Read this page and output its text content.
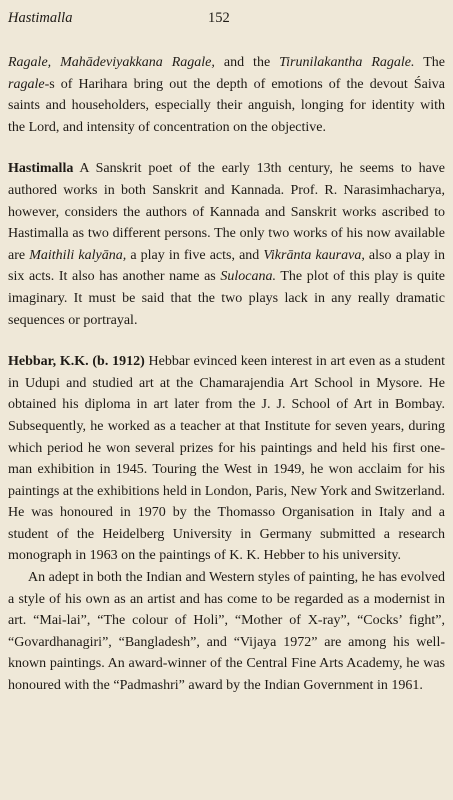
Hastimalla	152

Ragale, Mahādeviyakkana Ragale, and the Tirunilakantha Ragale. The ragale-s of Harihara bring out the depth of emotions of the devout Śaiva saints and householders, especially their anguish, longing for identity with the Lord, and intensity of concentration on the objective.

Hastimalla A Sanskrit poet of the early 13th century, he seems to have authored works in both Sanskrit and Kannada. Prof. R. Narasimhacharya, however, considers the authors of Kannada and Sanskrit works ascribed to Hastimalla as two different persons. The only two works of his now available are Maithili kalyāna, a play in five acts, and Vikrānta kaurava, also a play in six acts. It also has another name as Sulocana. The plot of this play is quite imaginary. It must be said that the two plays lack in any really dramatic sequences or portrayal.

Hebbar, K.K. (b. 1912) Hebbar evinced keen interest in art even as a student in Udupi and studied art at the Chamarajendia Art School in Mysore. He obtained his diploma in art later from the J. J. School of Art in Bombay. Subsequently, he worked as a teacher at that Institute for seven years, during which period he won several prizes for his paintings and held his first one-man exhibition in 1945. Touring the West in 1949, he won acclaim for his paintings at the exhibitions held in London, Paris, New York and Switzerland. He was honoured in 1970 by the Thomasso Organisation in Italy and a student of the Heidelberg University in Germany submitted a research monograph in 1963 on the paintings of K. K. Hebber to his university.

An adept in both the Indian and Western styles of painting, he has evolved a style of his own as an artist and has come to be regarded as a modernist in art. “Mai-lai”, “The colour of Holi”, “Mother of X-ray”, “Cocks’ fight”, “Govardhanagiri”, “Bangladesh”, and “Vijaya 1972” are among his well-known paintings. An award-winner of the Central Fine Arts Academy, he was honoured with the “Padmashri” award by the Indian Government in 1961.
